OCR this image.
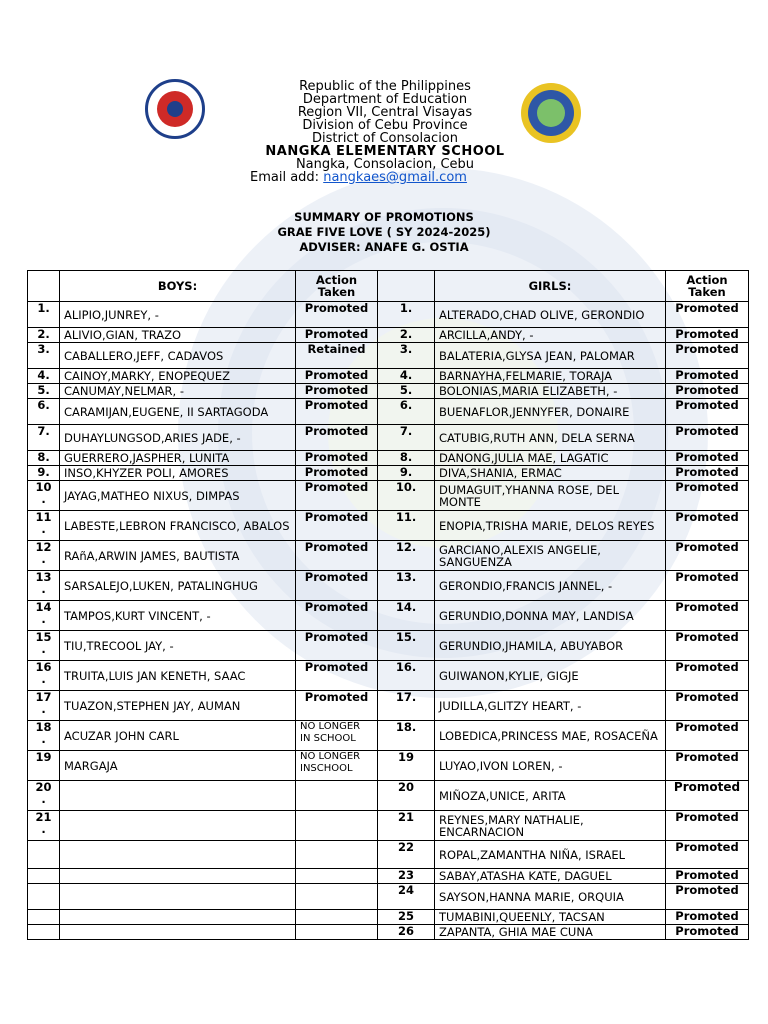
Republic of the Philippines
Department of Education
Region VII, Central Visayas
Division of Cebu Province
District of Consolacion
NANGKA ELEMENTARY SCHOOL
Nangka, Consolacion, Cebu
Email add: nangkaes@gmail.com
SUMMARY OF PROMOTIONS
GRAE FIVE LOVE ( SY 2024-2025)
ADVISER: ANAFE G. OSTIA
	BOYS:	Action Taken		GIRLS:	Action Taken
1.	ALIPIO,JUNREY, -	Promoted	1.	ALTERADO,CHAD OLIVE, GERONDIO	Promoted
2.	ALIVIO,GIAN, TRAZO	Promoted	2.	ARCILLA,ANDY, -	Promoted
3.	CABALLERO,JEFF, CADAVOS	Retained	3.	BALATERIA,GLYSA JEAN, PALOMAR	Promoted
4.	CAINOY,MARKY, ENOPEQUEZ	Promoted	4.	BARNAYHA,FELMARIE, TORAJA	Promoted
5.	CANUMAY,NELMAR, -	Promoted	5.	BOLONIAS,MARIA ELIZABETH, -	Promoted
6.	CARAMIJAN,EUGENE, II SARTAGODA	Promoted	6.	BUENAFLOR,JENNYFER, DONAIRE	Promoted
7.	DUHAYLUNGSOD,ARIES JADE, -	Promoted	7.	CATUBIG,RUTH ANN, DELA SERNA	Promoted
8.	GUERRERO,JASPHER, LUNITA	Promoted	8.	DANONG,JULIA MAE, LAGATIC	Promoted
9.	INSO,KHYZER POLI, AMORES	Promoted	9.	DIVA,SHANIA, ERMAC	Promoted
10 .	JAYAG,MATHEO NIXUS, DIMPAS	Promoted	10.	DUMAGUIT,YHANNA ROSE, DEL MONTE	Promoted
11 .	LABESTE,LEBRON FRANCISCO, ABALOS	Promoted	11.	ENOPIA,TRISHA MARIE, DELOS REYES	Promoted
12 .	RAñA,ARWIN JAMES, BAUTISTA	Promoted	12.	GARCIANO,ALEXIS ANGELIE, SANGUENZA	Promoted
13 .	SARSALEJO,LUKEN, PATALINGHUG	Promoted	13.	GERONDIO,FRANCIS JANNEL, -	Promoted
14 .	TAMPOS,KURT VINCENT, -	Promoted	14.	GERUNDIO,DONNA MAY, LANDISA	Promoted
15 .	TIU,TRECOOL JAY, -	Promoted	15.	GERUNDIO,JHAMILA, ABUYABOR	Promoted
16 .	TRUITA,LUIS JAN KENETH, SAAC	Promoted	16.	GUIWANON,KYLIE, GIGJE	Promoted
17 .	TUAZON,STEPHEN JAY, AUMAN	Promoted	17.	JUDILLA,GLITZY HEART, -	Promoted
18 .	ACUZAR JOHN CARL	NO LONGER IN SCHOOL	18.	LOBEDICA,PRINCESS MAE, ROSACEÑA	Promoted
19	MARGAJA	NO LONGER INSCHOOL	19	LUYAO,IVON LOREN, -	Promoted
20 .			20	MIÑOZA,UNICE, ARITA	Promoted
21 .			21	REYNES,MARY NATHALIE, ENCARNACION	Promoted
			22	ROPAL,ZAMANTHA NIÑA, ISRAEL	Promoted
			23	SABAY,ATASHA KATE, DAGUEL	Promoted
			24	SAYSON,HANNA MARIE, ORQUIA	Promoted
			25	TUMABINI,QUEENLY, TACSAN	Promoted
			26	ZAPANTA, GHIA MAE CUNA	Promoted
